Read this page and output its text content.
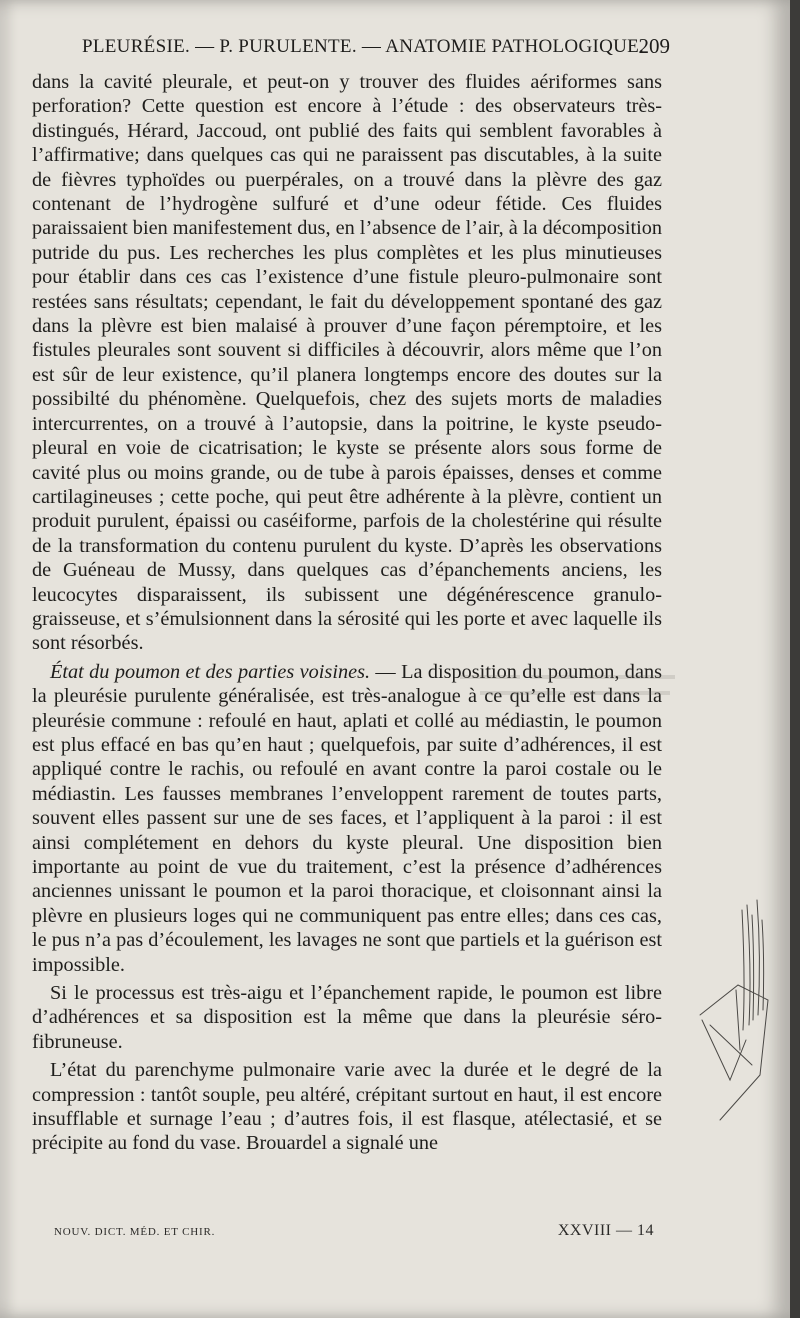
PLEURÉSIE. — P. PURULENTE. — ANATOMIE PATHOLOGIQUE.
209

dans la cavité pleurale, et peut-on y trouver des fluides aériformes sans perforation? Cette question est encore à l’étude : des observateurs très-distingués, Hérard, Jaccoud, ont publié des faits qui semblent favorables à l’affirmative; dans quelques cas qui ne paraissent pas discutables, à la suite de fièvres typhoïdes ou puerpérales, on a trouvé dans la plèvre des gaz contenant de l’hydrogène sulfuré et d’une odeur fétide. Ces fluides paraissaient bien manifestement dus, en l’absence de l’air, à la décomposition putride du pus. Les recherches les plus complètes et les plus minutieuses pour établir dans ces cas l’existence d’une fistule pleuro-pulmonaire sont restées sans résultats; cependant, le fait du développement spontané des gaz dans la plèvre est bien malaisé à prouver d’une façon péremptoire, et les fistules pleurales sont souvent si difficiles à découvrir, alors même que l’on est sûr de leur existence, qu’il planera longtemps encore des doutes sur la possibilté du phénomène. Quelquefois, chez des sujets morts de maladies intercurrentes, on a trouvé à l’autopsie, dans la poitrine, le kyste pseudo-pleural en voie de cicatrisation; le kyste se présente alors sous forme de cavité plus ou moins grande, ou de tube à parois épaisses, denses et comme cartilagineuses ; cette poche, qui peut être adhérente à la plèvre, contient un produit purulent, épaissi ou caséiforme, parfois de la cholestérine qui résulte de la transformation du contenu purulent du kyste. D’après les observations de Guéneau de Mussy, dans quelques cas d’épanchements anciens, les leucocytes disparaissent, ils subissent une dégénérescence granulo-graisseuse, et s’émulsionnent dans la sérosité qui les porte et avec laquelle ils sont résorbés.

État du poumon et des parties voisines. — La disposition du poumon, dans la pleurésie purulente généralisée, est très-analogue à ce qu’elle est dans la pleurésie commune : refoulé en haut, aplati et collé au médiastin, le poumon est plus effacé en bas qu’en haut ; quelquefois, par suite d’adhérences, il est appliqué contre le rachis, ou refoulé en avant contre la paroi costale ou le médiastin. Les fausses membranes l’enveloppent rarement de toutes parts, souvent elles passent sur une de ses faces, et l’appliquent à la paroi : il est ainsi complétement en dehors du kyste pleural. Une disposition bien importante au point de vue du traitement, c’est la présence d’adhérences anciennes unissant le poumon et la paroi thoracique, et cloisonnant ainsi la plèvre en plusieurs loges qui ne communiquent pas entre elles; dans ces cas, le pus n’a pas d’écoulement, les lavages ne sont que partiels et la guérison est impossible.

Si le processus est très-aigu et l’épanchement rapide, le poumon est libre d’adhérences et sa disposition est la même que dans la pleurésie séro-fibruneuse.

L’état du parenchyme pulmonaire varie avec la durée et le degré de la compression : tantôt souple, peu altéré, crépitant surtout en haut, il est encore insufflable et surnage l’eau ; d’autres fois, il est flasque, atélectasié, et se précipite au fond du vase. Brouardel a signalé une

NOUV. DICT. MÉD. ET CHIR.	XXVIII — 14
